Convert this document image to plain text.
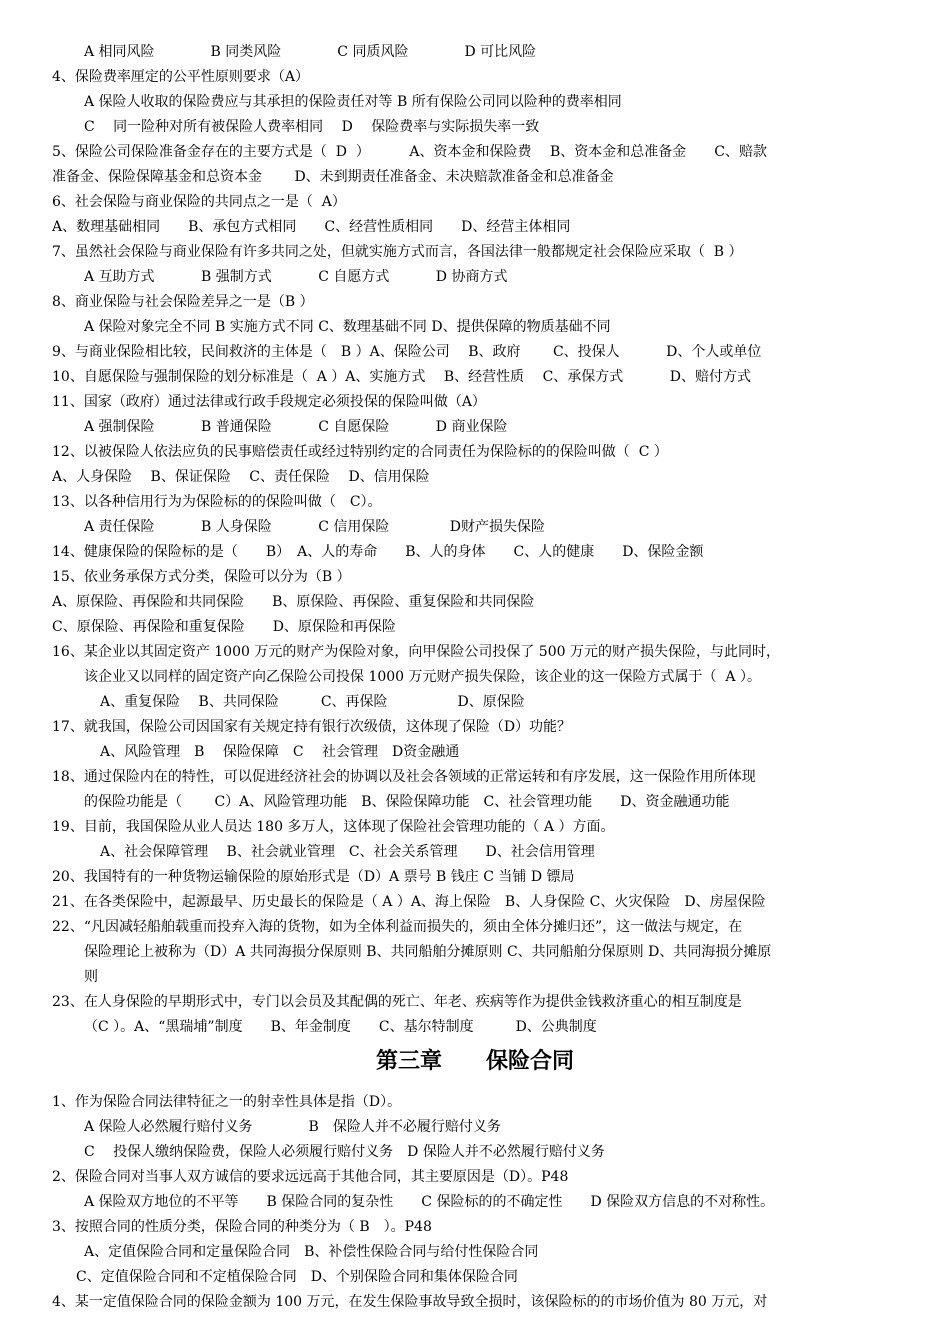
A 相同风险　　　　B 同类风险　　　　C 同质风险　　　　D 可比风险
4、保险费率厘定的公平性原则要求（A）
A 保险人收取的保险费应与其承担的保险责任对等 B 所有保险公司同以险种的费率相同
C　 同一险种对所有被保险人费率相同　 D　 保险费率与实际损失率一致
5、保险公司保险准备金存在的主要方式是（  D  ）　　　 A、资本金和保险费　 B、资本金和总准备金　　C、赔款
准备金、保险保障基金和总资本金　　 D、未到期责任准备金、未决赔款准备金和总准备金
6、社会保险与商业保险的共同点之一是（  A）
A、数理基础相同　　B、承包方式相同　　C、经营性质相同　　D、经营主体相同
7、虽然社会保险与商业保险有许多共同之处，但就实施方式而言，各国法律一般都规定社会保险应采取（  B ）
A 互助方式　　　 B 强制方式　　　 C 自愿方式　　　 D 协商方式
8、商业保险与社会保险差异之一是（B ）
A 保险对象完全不同 B 实施方式不同 C、数理基础不同 D、提供保障的物质基础不同
9、与商业保险相比较，民间救济的主体是（　B ）A、保险公司　 B、政府　　 C、投保人　　　 D、个人或单位
10、自愿保险与强制保险的划分标准是（  A ）A、实施方式　 B、经营性质　 C、承保方式　　　 D、赔付方式
11、国家（政府）通过法律或行政手段规定必须投保的保险叫做（A）
A 强制保险　　　 B 普通保险　　　 C 自愿保险　　　 D 商业保险
12、以被保险人依法应负的民事赔偿责任或经过特别约定的合同责任为保险标的的保险叫做（  C ）
A、人身保险　 B、保证保险　 C、责任保险　 D、信用保险
13、以各种信用行为为保险标的的保险叫做（　C）。
A 责任保险　　　 B 人身保险　　　 C 信用保险　　　　 D财产损失保险
14、健康保险的保险标的是（　　B）　A、人的寿命　　B、人的身体　　C、人的健康　　D、保险金额
15、依业务承保方式分类，保险可以分为（B ）
A、原保险、再保险和共同保险　　B、原保险、再保险、重复保险和共同保险
C、原保险、再保险和重复保险　　D、原保险和再保险
16、某企业以其固定资产 1000 万元的财产为保险对象，向甲保险公司投保了 500 万元的财产损失保险，与此同时，
该企业又以同样的固定资产向乙保险公司投保 1000 万元财产损失保险，该企业的这一保险方式属于（  A ）。
A、重复保险　 B、共同保险　　　C、再保险　　　　　D、原保险
17、就我国，保险公司因国家有关规定持有银行次级债，这体现了保险（D）功能？
A、风险管理　B　 保险保障　C　 社会管理　D资金融通
18、通过保险内在的特性，可以促进经济社会的协调以及社会各领域的正常运转和有序发展，这一保险作用所体现
的保险功能是（　　 C）A、风险管理功能　B、保险保障功能　C、社会管理功能　　D、资金融通功能
19、目前，我国保险从业人员达 180 多万人，这体现了保险社会管理功能的（ A ）方面。
A、社会保障管理　 B、社会就业管理　C、社会关系管理　　D、社会信用管理
20、我国特有的一种货物运输保险的原始形式是（D）A 票号 B 钱庄 C 当铺 D 镖局
21、在各类保险中，起源最早、历史最长的保险是（ A ）A、海上保险　B、人身保险 C、火灾保险　D、房屋保险
22、“凡因减轻船舶载重而投弃入海的货物，如为全体利益而损失的，须由全体分摊归还”，这一做法与规定，在
保险理论上被称为（D）A 共同海损分保原则 B、共同船舶分摊原则 C、共同船舶分保原则 D、共同海损分摊原
则
23、在人身保险的早期形式中，专门以会员及其配偶的死亡、年老、疾病等作为提供金钱救济重心的相互制度是
（C ）。A、“黑瑞埔”制度　　B、年金制度　　C、基尔特制度　　　D、公典制度
第三章　　保险合同
1、作为保险合同法律特征之一的射幸性具体是指（D）。
A 保险人必然履行赔付义务　　　　B　保险人并不必履行赔付义务
C　 投保人缴纳保险费，保险人必须履行赔付义务　D 保险人并不必然履行赔付义务
2、保险合同对当事人双方诚信的要求远远高于其他合同，其主要原因是（D）。P48
A 保险双方地位的不平等　　B 保险合同的复杂性　　C 保险标的的不确定性　　D 保险双方信息的不对称性。
3、按照合同的性质分类，保险合同的种类分为（ B　）。P48
A、定值保险合同和定量保险合同　B、补偿性保险合同与给付性保险合同
C、定值保险合同和不定植保险合同　D、个别保险合同和集体保险合同
4、某一定值保险合同的保险金额为 100 万元，在发生保险事故导致全损时，该保险标的的市场价值为 80 万元，对
